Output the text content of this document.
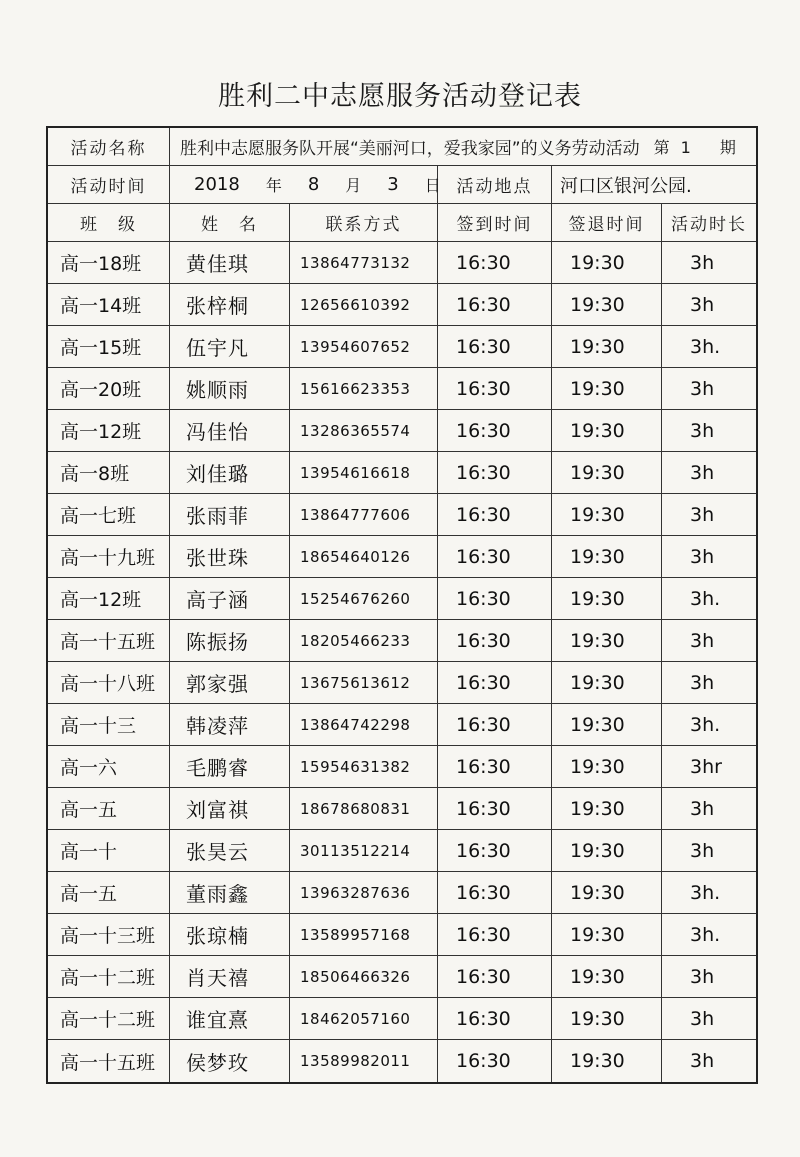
胜利二中志愿服务活动登记表
活动名称	胜利中志愿服务队开展“美丽河口，爱我家园”的义务劳动活动 第 1 期
活动时间	2018 年 8 月 3 日 活动地点	河口区银河公园.
班　级	姓　名	联系方式	签到时间	签退时间	活动时长
高一18班	黄佳琪	13864773132	16:30	19:30	3h
高一14班	张梓桐	12656610392	16:30	19:30	3h
高一15班	伍宇凡	13954607652	16:30	19:30	3h.
高一20班	姚顺雨	15616623353	16:30	19:30	3h
高一12班	冯佳怡	13286365574	16:30	19:30	3h
高一8班	刘佳璐	13954616618	16:30	19:30	3h
高一七班	张雨菲	13864777606	16:30	19:30	3h
高一十九班	张世珠	18654640126	16:30	19:30	3h
高一12班	高子涵	15254676260	16:30	19:30	3h.
高一十五班	陈振扬	18205466233	16:30	19:30	3h
高一十八班	郭家强	13675613612	16:30	19:30	3h
高一十三	韩凌萍	13864742298	16:30	19:30	3h.
高一六	毛鹏睿	15954631382	16:30	19:30	3hr
高一五	刘富祺	18678680831	16:30	19:30	3h
高一十	张昊云	30113512214	16:30	19:30	3h
高一五	董雨鑫	13963287636	16:30	19:30	3h.
高一十三班	张琼楠	13589957168	16:30	19:30	3h.
高一十二班	肖天禧	18506466326	16:30	19:30	3h
高一十二班	谁宜熹	18462057160	16:30	19:30	3h
高一十五班	侯梦玫	13589982011	16:30	19:30	3h
